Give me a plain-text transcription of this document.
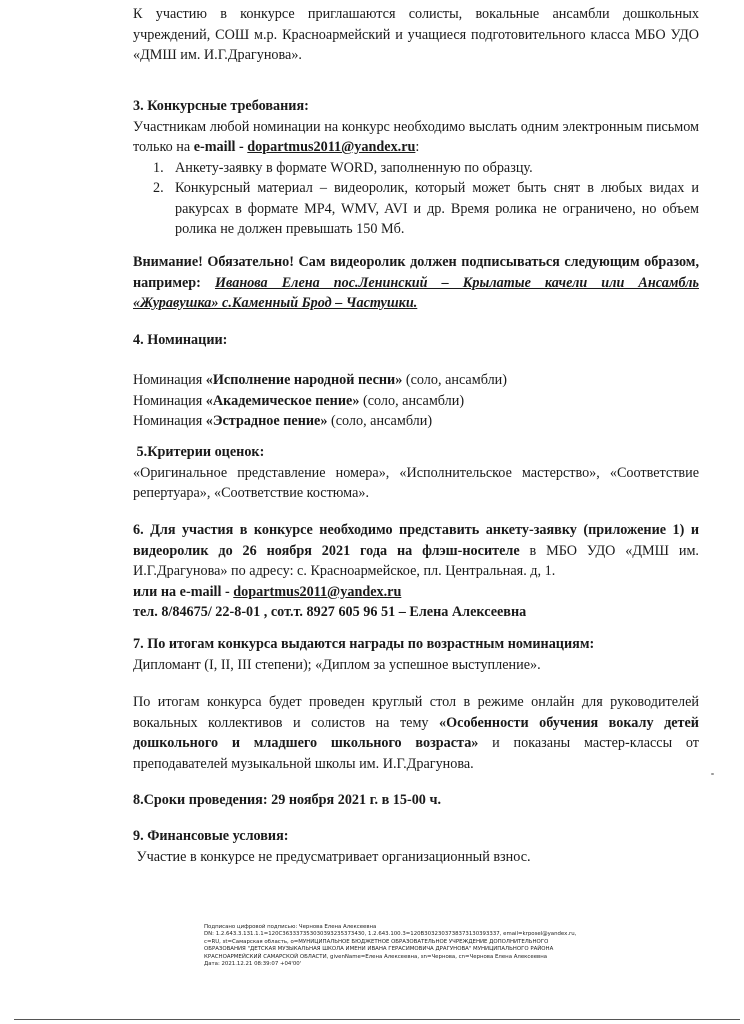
К участию в конкурсе приглашаются солисты, вокальные ансамбли дошкольных учреждений, СОШ м.р. Красноармейский и учащиеся подготовительного класса МБО УДО «ДМШ им. И.Г.Драгунова».
3. Конкурсные требования:
Участникам любой номинации на конкурс необходимо выслать одним электронным письмом только на e-maill - dopartmus2011@yandex.ru:
1. Анкету-заявку в формате WORD, заполненную по образцу.
2. Конкурсный материал – видеоролик, который может быть снят в любых видах и ракурсах в формате MP4, WMV, AVI и др. Время ролика не ограничено, но объем ролика не должен превышать 150 Мб.
Внимание! Обязательно! Сам видеоролик должен подписываться следующим образом, например: Иванова Елена пос.Ленинский – Крылатые качели или Ансамбль «Журавушка» с.Каменный Брод – Частушки.
4. Номинации:
Номинация «Исполнение народной песни» (соло, ансамбли)
Номинация «Академическое пение» (соло, ансамбли)
Номинация «Эстрадное пение» (соло, ансамбли)
5.Критерии оценок:
«Оригинальное представление номера», «Исполнительское мастерство», «Соответствие репертуара», «Соответствие костюма».
6. Для участия в конкурсе необходимо представить анкету-заявку (приложение 1) и видеоролик до 26 ноября 2021 года на флэш-носителе в МБО УДО «ДМШ им. И.Г.Драгунова» по адресу: с. Красноармейское, пл. Центральная. д, 1.
или на e-maill - dopartmus2011@yandex.ru
тел. 8/84675/ 22-8-01 , сот.т. 8927 605 96 51 – Елена Алексеевна
7. По итогам конкурса выдаются награды по возрастным номинациям:
Дипломант (I, II, III степени); «Диплом за успешное выступление».
По итогам конкурса будет проведен круглый стол в режиме онлайн для руководителей вокальных коллективов и солистов на тему «Особенности обучения вокалу детей дошкольного и младшего школьного возраста» и показаны мастер-классы от преподавателей музыкальной школы им. И.Г.Драгунова.
8.Сроки проведения: 29 ноября 2021 г. в 15-00 ч.
9. Финансовые условия:
Участие в конкурсе не предусматривает организационный взнос.
Подписано цифровой подписью: Чернова Елена Алексеевна
DN: 1.2.643.3.131.1.1=120С363337353030393235373430, 1.2.643.100.3=120В3032303738373130393337, email=krposel@yandex.ru,
c=RU, st=Самарская область, o=МУНИЦИПАЛЬНОЕ БЮДЖЕТНОЕ ОБРАЗОВАТЕЛЬНОЕ УЧРЕЖДЕНИЕ ДОПОЛНИТЕЛЬНОГО
ОБРАЗОВАНИЯ "ДЕТСКАЯ МУЗЫКАЛЬНАЯ ШКОЛА ИМЕНИ ИВАНА ГЕРАСИМОВИЧА ДРАГУНОВА" МУНИЦИПАЛЬНОГО РАЙОНА
КРАСНОАРМЕЙСКИЙ САМАРСКОЙ ОБЛАСТИ, givenName=Елена Алексеевна, sn=Чернова, cn=Чернова Елена Алексеевна
Дата: 2021.12.21 08:39:07 +04'00'
